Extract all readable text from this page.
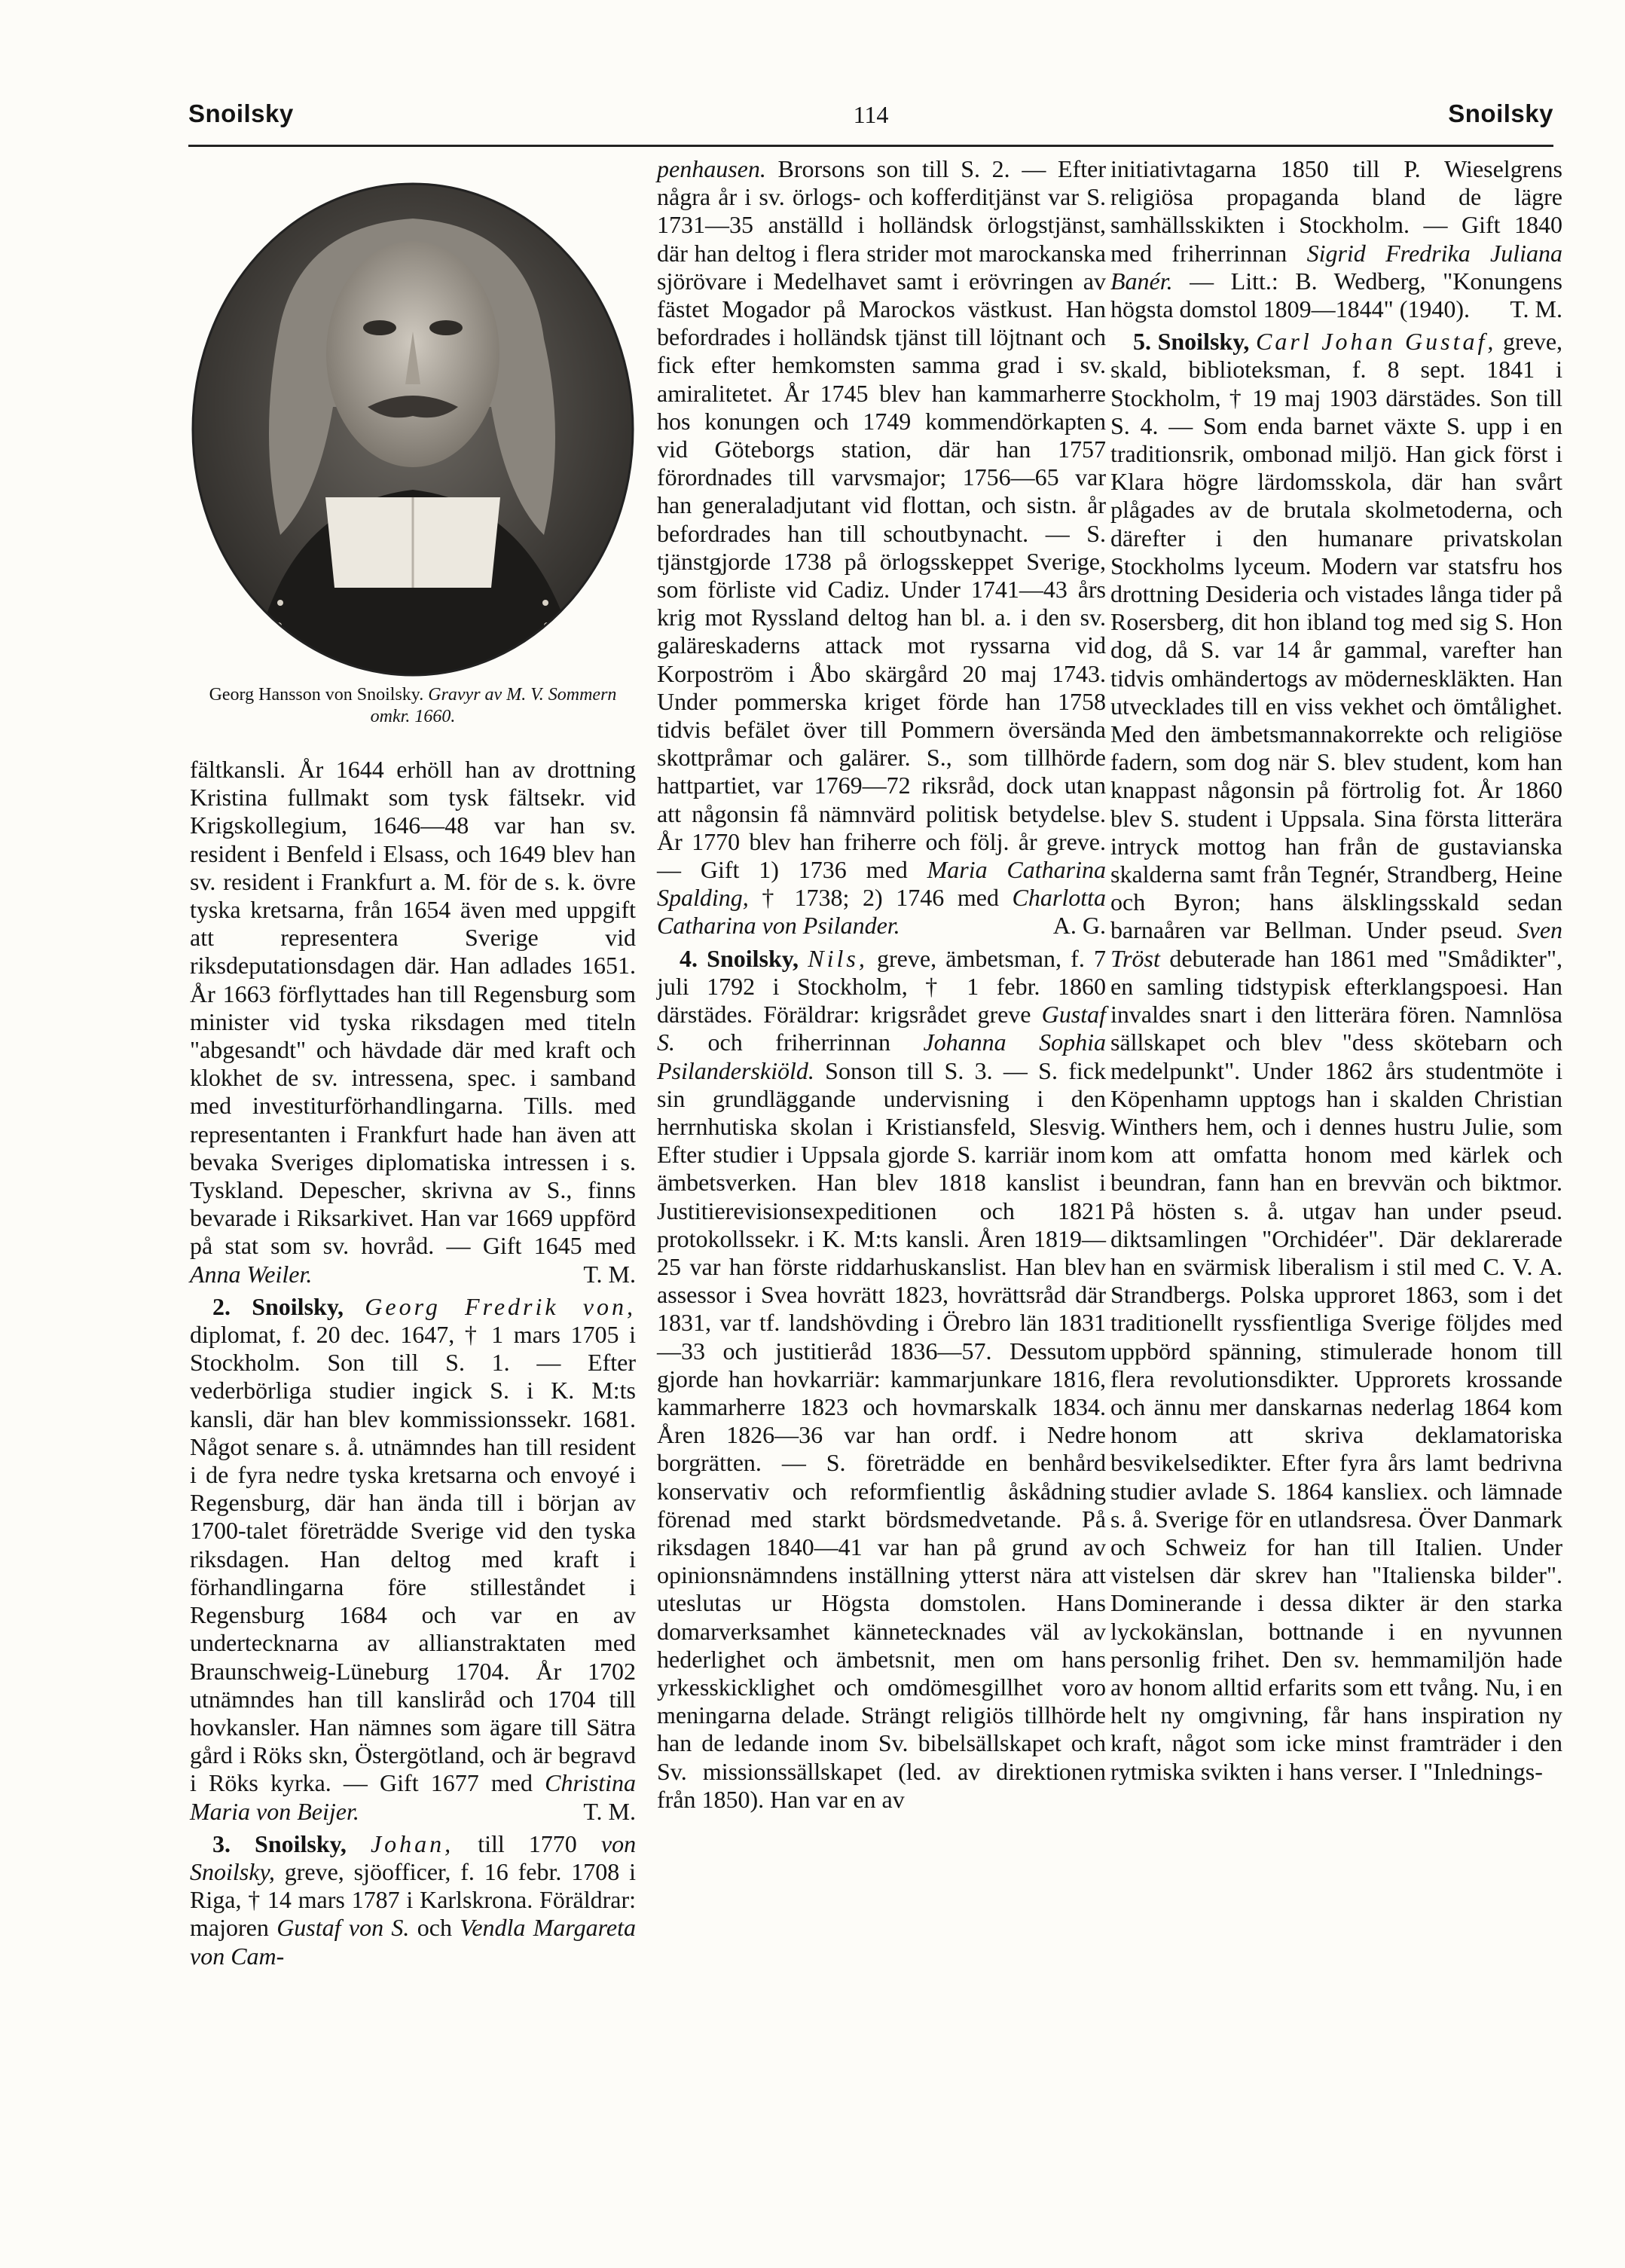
Snoilsky	114	Snoilsky
Georg Hansson von Snoilsky. Gravyr av M. V. Sommern omkr. 1660.

fältkansli. År 1644 erhöll han av drottning Kristina fullmakt som tysk fältsekr. vid Krigskollegium, 1646—48 var han sv. resident i Benfeld i Elsass, och 1649 blev han sv. resident i Frankfurt a. M. för de s. k. övre tyska kretsarna, från 1654 även med uppgift att representera Sverige vid riksdeputationsdagen där. Han adlades 1651. År 1663 förflyttades han till Regensburg som minister vid tyska riksdagen med titeln "abgesandt" och hävdade där med kraft och klokhet de sv. intressena, spec. i samband med investiturförhandlingarna. Tills. med representanten i Frankfurt hade han även att bevaka Sveriges diplomatiska intressen i s. Tyskland. Depescher, skrivna av S., finns bevarade i Riksarkivet. Han var 1669 uppförd på stat som sv. hovråd. — Gift 1645 med Anna Weiler.	T. M.

2. Snoilsky, Georg Fredrik von, diplomat, f. 20 dec. 1647, † 1 mars 1705 i Stockholm. Son till S. 1. — Efter vederbörliga studier ingick S. i K. M:ts kansli, där han blev kommissionssekr. 1681. Något senare s. å. utnämndes han till resident i de fyra nedre tyska kretsarna och envoyé i Regensburg, där han ända till i början av 1700-talet företrädde Sverige vid den tyska riksdagen. Han deltog med kraft i förhandlingarna före stilleståndet i Regensburg 1684 och var en av undertecknarna av allianstraktaten med Braunschweig-Lüneburg 1704. År 1702 utnämndes han till kansliråd och 1704 till hovkansler. Han nämnes som ägare till Sätra gård i Röks skn, Östergötland, och är begravd i Röks kyrka. — Gift 1677 med Christina Maria von Beijer.	T. M.

3. Snoilsky, Johan, till 1770 von Snoilsky, greve, sjöofficer, f. 16 febr. 1708 i Riga, † 14 mars 1787 i Karlskrona. Föräldrar: majoren Gustaf von S. och Vendla Margareta von Cam-

penhausen. Brorsons son till S. 2. — Efter några år i sv. örlogs- och kofferditjänst var S. 1731—35 anställd i holländsk örlogstjänst, där han deltog i flera strider mot marockanska sjörövare i Medelhavet samt i erövringen av fästet Mogador på Marockos västkust. Han befordrades i holländsk tjänst till löjtnant och fick efter hemkomsten samma grad i sv. amiralitetet. År 1745 blev han kammarherre hos konungen och 1749 kommendörkapten vid Göteborgs station, där han 1757 förordnades till varvsmajor; 1756—65 var han generaladjutant vid flottan, och sistn. år befordrades han till schoutbynacht. — S. tjänstgjorde 1738 på örlogsskeppet Sverige, som förliste vid Cadiz. Under 1741—43 års krig mot Ryssland deltog han bl. a. i den sv. galäreskaderns attack mot ryssarna vid Korpoström i Åbo skärgård 20 maj 1743. Under pommerska kriget förde han 1758 tidvis befälet över till Pommern översända skottpråmar och galärer. S., som tillhörde hattpartiet, var 1769—72 riksråd, dock utan att någonsin få nämnvärd politisk betydelse. År 1770 blev han friherre och följ. år greve. — Gift 1) 1736 med Maria Catharina Spalding, † 1738; 2) 1746 med Charlotta Catharina von Psilander.	A. G.

4. Snoilsky, Nils, greve, ämbetsman, f. 7 juli 1792 i Stockholm, † 1 febr. 1860 därstädes. Föräldrar: krigsrådet greve Gustaf S. och friherrinnan Johanna Sophia Psilanderskiöld. Sonson till S. 3. — S. fick sin grundläggande undervisning i den herrnhutiska skolan i Kristiansfeld, Slesvig. Efter studier i Uppsala gjorde S. karriär inom ämbetsverken. Han blev 1818 kanslist i Justitierevisionsexpeditionen och 1821 protokollssekr. i K. M:ts kansli. Åren 1819—25 var han förste riddarhuskanslist. Han blev assessor i Svea hovrätt 1823, hovrättsråd där 1831, var tf. landshövding i Örebro län 1831—33 och justitieråd 1836—57. Dessutom gjorde han hovkarriär: kammarjunkare 1816, kammarherre 1823 och hovmarskalk 1834. Åren 1826—36 var han ordf. i Nedre borgrätten. — S. företrädde en benhård konservativ och reformfientlig åskådning förenad med starkt bördsmedvetande. På riksdagen 1840—41 var han på grund av opinionsnämndens inställning ytterst nära att uteslutas ur Högsta domstolen. Hans domarverksamhet kännetecknades väl av hederlighet och ämbetsnit, men om hans yrkesskicklighet och omdömesgillhet voro meningarna delade. Strängt religiös tillhörde han de ledande inom Sv. bibelsällskapet och Sv. missionssällskapet (led. av direktionen från 1850). Han var en av

initiativtagarna 1850 till P. Wieselgrens religiösa propaganda bland de lägre samhällsskikten i Stockholm. — Gift 1840 med friherrinnan Sigrid Fredrika Juliana Banér. — Litt.: B. Wedberg, "Konungens högsta domstol 1809—1844" (1940). T. M.

5. Snoilsky, Carl Johan Gustaf, greve, skald, biblioteksman, f. 8 sept. 1841 i Stockholm, † 19 maj 1903 därstädes. Son till S. 4. — Som enda barnet växte S. upp i en traditionsrik, ombonad miljö. Han gick först i Klara högre lärdomsskola, där han svårt plågades av de brutala skolmetoderna, och därefter i den humanare privatskolan Stockholms lyceum. Modern var statsfru hos drottning Desideria och vistades långa tider på Rosersberg, dit hon ibland tog med sig S. Hon dog, då S. var 14 år gammal, varefter han tidvis omhändertogs av möderneskläkten. Han utvecklades till en viss vekhet och ömtålighet. Med den ämbetsmannakorrekte och religiöse fadern, som dog när S. blev student, kom han knappast någonsin på förtrolig fot. År 1860 blev S. student i Uppsala. Sina första litterära intryck mottog han från de gustavianska skalderna samt från Tegnér, Strandberg, Heine och Byron; hans älsklingsskald sedan barnaåren var Bellman. Under pseud. Sven Tröst debuterade han 1861 med "Smådikter", en samling tidstypisk efterklangspoesi. Han invaldes snart i den litterära fören. Namnlösa sällskapet och blev "dess skötebarn och medelpunkt". Under 1862 års studentmöte i Köpenhamn upptogs han i skalden Christian Winthers hem, och i dennes hustru Julie, som kom att omfatta honom med kärlek och beundran, fann han en brevvän och biktmor. På hösten s. å. utgav han under pseud. diktsamlingen "Orchidéer". Där deklarerade han en svärmisk liberalism i stil med C. V. A. Strandbergs. Polska upproret 1863, som i det traditionellt ryssfientliga Sverige följdes med uppbörd spänning, stimulerade honom till flera revolutionsdikter. Upprorets krossande och ännu mer danskarnas nederlag 1864 kom honom att skriva deklamatoriska besvikelsedikter. Efter fyra års lamt bedrivna studier avlade S. 1864 kansliex. och lämnade s. å. Sverige för en utlandsresa. Över Danmark och Schweiz for han till Italien. Under vistelsen där skrev han "Italienska bilder". Dominerande i dessa dikter är den starka lyckokänslan, bottnande i en nyvunnen personlig frihet. Den sv. hemmamiljön hade av honom alltid erfarits som ett tvång. Nu, i en helt ny omgivning, får hans inspiration ny kraft, något som icke minst framträder i den rytmiska svikten i hans verser. I "Inlednings-
